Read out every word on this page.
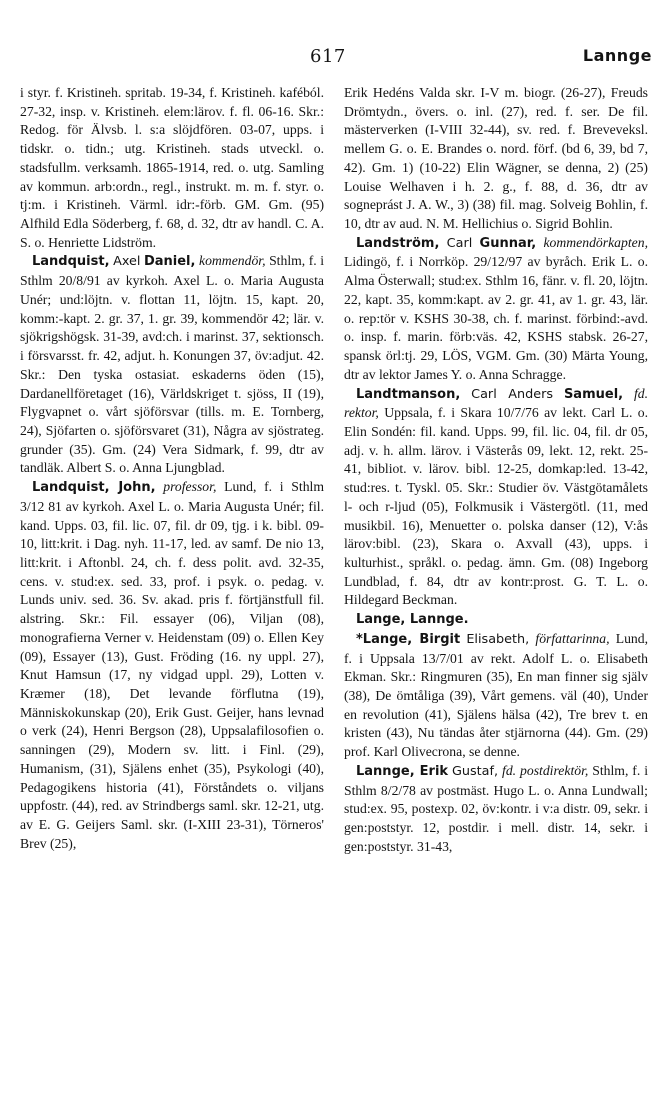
617	Lannge

i styr. f. Kristineh. spritab. 19-34, f. Kristineh. kaféból. 27-32, insp. v. Kristineh. elem:lärov. f. fl. 06-16. Skr.: Redog. för Älvsb. l. s:a slöjdfören. 03-07, upps. i tidskr. o. tidn.; utg. Kristineh. stads utveckl. o. stadsfullm. verksamh. 1865-1914, red. o. utg. Samling av kommun. arb:ordn., regl., instrukt. m. m. f. styr. o. tj:m. i Kristineh. Värml. idr:-förb. GM. Gm. (95) Alfhild Edla Söderberg, f. 68, d. 32, dtr av handl. C. A. S. o. Henriette Lidström.

Landquist, Axel Daniel, kommendör, Sthlm, f. i Sthlm 20/8/91 av kyrkoh. Axel L. o. Maria Augusta Unér; und:löjtn. v. flottan 11, löjtn. 15, kapt. 20, komm:-kapt. 2. gr. 37, 1. gr. 39, kommendör 42; lär. v. sjökrigshögsk. 31-39, avd:ch. i marinst. 37, sektionsch. i försvarsst. fr. 42, adjut. h. Konungen 37, öv:adjut. 42. Skr.: Den tyska ostasiat. eskaderns öden (15), Dardanellföretaget (16), Världskriget t. sjöss, II (19), Flygvapnet o. vårt sjöförsvar (tills. m. E. Tornberg, 24), Sjöfarten o. sjöförsvaret (31), Några av sjöstrateg. grunder (35). Gm. (24) Vera Sidmark, f. 99, dtr av tandläk. Albert S. o. Anna Ljungblad.

Landquist, John, professor, Lund, f. i Sthlm 3/12 81 av kyrkoh. Axel L. o. Maria Augusta Unér; fil. kand. Upps. 03, fil. lic. 07, fil. dr 09, tjg. i k. bibl. 09-10, litt:krit. i Dag. nyh. 11-17, led. av samf. De nio 13, litt:krit. i Aftonbl. 24, ch. f. dess polit. avd. 32-35, cens. v. stud:ex. sed. 33, prof. i psyk. o. pedag. v. Lunds univ. sed. 36. Sv. akad. pris f. förtjänstfull fil. alstring. Skr.: Fil. essayer (06), Viljan (08), monografierna Verner v. Heidenstam (09) o. Ellen Key (09), Essayer (13), Gust. Fröding (16. ny uppl. 27), Knut Hamsun (17, ny vidgad uppl. 29), Lotten v. Kræmer (18), Det levande förflutna (19), Människokunskap (20), Erik Gust. Geijer, hans levnad o verk (24), Henri Bergson (28), Uppsalafilosofien o. sanningen (29), Modern sv. litt. i Finl. (29), Humanism, (31), Själens enhet (35), Psykologi (40), Pedagogikens historia (41), Förståndets o. viljans uppfostr. (44), red. av Strindbergs saml. skr. 12-21, utg. av E. G. Geijers Saml. skr. (I-XIII 23-31), Törneros' Brev (25),

Erik Hedéns Valda skr. I-V m. biogr. (26-27), Freuds Drömtydn., övers. o. inl. (27), red. f. ser. De fil. mästerverken (I-VIII 32-44), sv. red. f. Breveveksl. mellem G. o. E. Brandes o. nord. förf. (bd 6, 39, bd 7, 42). Gm. 1) (10-22) Elin Wägner, se denna, 2) (25) Louise Welhaven i h. 2. g., f. 88, d. 36, dtr av sogneprást J. A. W., 3) (38) fil. mag. Solveig Bohlin, f. 10, dtr av aud. N. M. Hellichius o. Sigrid Bohlin.

Landström, Carl Gunnar, kommendörkapten, Lidingö, f. i Norrköp. 29/12/97 av byråch. Erik L. o. Alma Österwall; stud:ex. Sthlm 16, fänr. v. fl. 20, löjtn. 22, kapt. 35, komm:kapt. av 2. gr. 41, av 1. gr. 43, lär. o. rep:tör v. KSHS 30-38, ch. f. marinst. förbind:-avd. o. insp. f. marin. förb:väs. 42, KSHS stabsk. 26-27, spansk örl:tj. 29, LÖS, VGM. Gm. (30) Märta Young, dtr av lektor James Y. o. Anna Schragge.

Landtmanson, Carl Anders Samuel, fd. rektor, Uppsala, f. i Skara 10/7/76 av lekt. Carl L. o. Elin Sondén: fil. kand. Upps. 99, fil. lic. 04, fil. dr 05, adj. v. h. allm. lärov. i Västerås 09, lekt. 12, rekt. 25-41, bibliot. v. lärov. bibl. 12-25, domkap:led. 13-42, stud:res. t. Tyskl. 05. Skr.: Studier öv. Västgötamålets l- och r-ljud (05), Folkmusik i Västergötl. (11, med musikbil. 16), Menuetter o. polska danser (12), V:ås lärov:bibl. (23), Skara o. Axvall (43), upps. i kulturhist., språkl. o. pedag. ämn. Gm. (08) Ingeborg Lundblad, f. 84, dtr av kontr:prost. G. T. L. o. Hildegard Beckman.

Lange, Lannge.

*Lange, Birgit Elisabeth, författarinna, Lund, f. i Uppsala 13/7/01 av rekt. Adolf L. o. Elisabeth Ekman. Skr.: Ringmuren (35), En man finner sig själv (38), De ömtåliga (39), Vårt gemens. väl (40), Under en revolution (41), Själens hälsa (42), Tre brev t. en kristen (43), Nu tändas åter stjärnorna (44). Gm. (29) prof. Karl Olivecrona, se denne.

Lannge, Erik Gustaf, fd. postdirektör, Sthlm, f. i Sthlm 8/2/78 av postmäst. Hugo L. o. Anna Lundwall; stud:ex. 95, postexp. 02, öv:kontr. i v:a distr. 09, sekr. i gen:poststyr. 12, postdir. i mell. distr. 14, sekr. i gen:poststyr. 31-43,
